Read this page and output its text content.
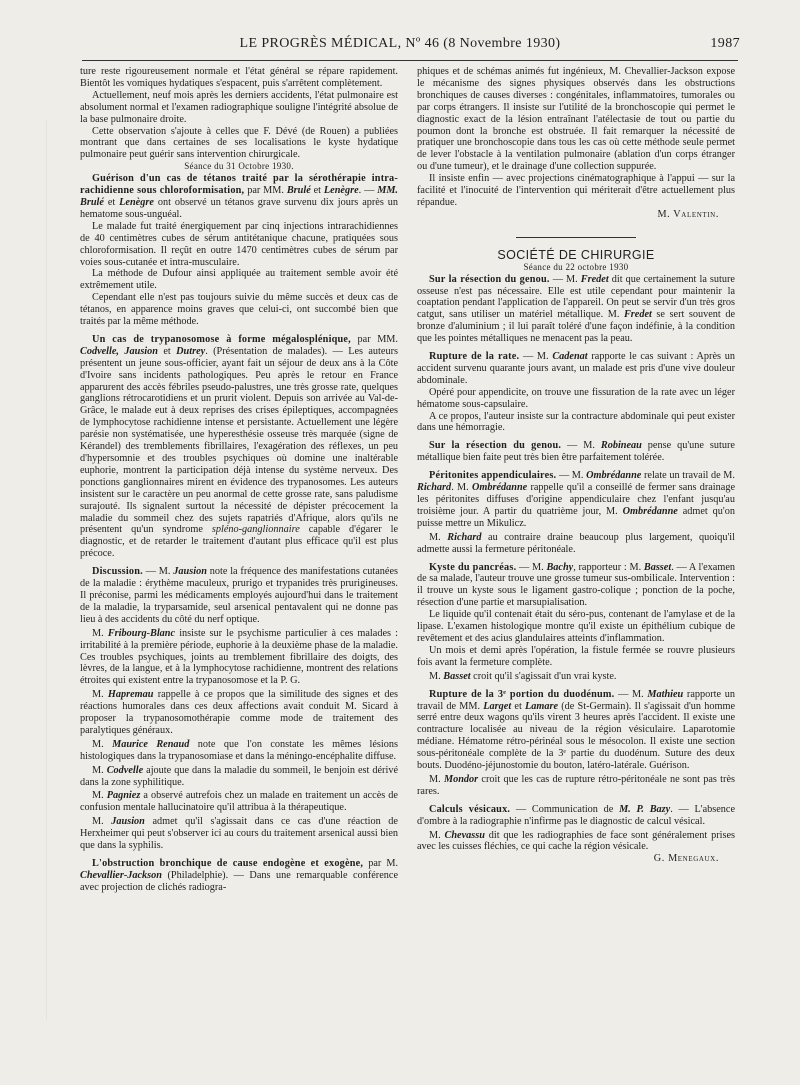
LE PROGRÈS MÉDICAL, Nº 46 (8 Novembre 1930)	1987

ture reste rigoureusement normale et l'état général se répare rapidement. Bientôt les vomiques hydatiques s'espacent, puis s'arrêtent complètement.

Actuellement, neuf mois après les derniers accidents, l'état pulmonaire est absolument normal et l'examen radiographique souligne l'intégrité absolue de la base pulmonaire droite.

Cette observation s'ajoute à celles que F. Dévé (de Rouen) a publiées montrant que dans certaines de ses localisations le kyste hydatique pulmonaire peut guérir sans intervention chirurgicale.

Séance du 31 Octobre 1930.

Guérison d'un cas de tétanos traité par la sérothérapie intra-rachidienne sous chloroformisation, par MM. Brulé et Lenègre. — MM. Brulé et Lenègre ont observé un tétanos grave survenu dix jours après un hematome sous-unguéal.

Le malade fut traité énergiquement par cinq injections intrarachidiennes de 40 centimètres cubes de sérum antitétanique chacune, pratiquées sous chloroformisation. Il reçût en outre 1470 centimètres cubes de sérum par voies sous-cutanée et intra-musculaire.

La méthode de Dufour ainsi appliquée au traitement semble avoir été extrêmement utile.

Cependant elle n'est pas toujours suivie du même succès et deux cas de tétanos, en apparence moins graves que celui-ci, ont succombé bien que traités par la même méthode.

Un cas de trypanosomose à forme mégalosplénique, par MM. Codvelle, Jausion et Dutrey. (Présentation de malades). — Les auteurs présentent un jeune sous-officier, ayant fait un séjour de deux ans à la Côte d'Ivoire sans incidents pathologiques. Peu après le retour en France apparurent des accès fébriles pseudo-palustres, une très grosse rate, quelques ganglions rétrocarotidiens et un prurit violent. Depuis son arrivée au Val-de-Grâce, le malade eut à deux reprises des crises épileptiques, accompagnées de lymphocytose rachidienne intense et persistante. Actuellement une légère parésie non systématisée, une hyperesthésie osseuse très marquée (signe de Kérandel) des tremblements fibrillaires, l'exagération des réflexes, un peu d'hypersomnie et des troubles psychiques où domine une inaltérable euphorie, montrent la participation déjà intense du système nerveux. Des ponctions ganglionnaires mirent en évidence des trypanosomes. Les auteurs insistent sur le caractère un peu anormal de cette grosse rate, sans paludisme surajouté. Ils signalent surtout la nécessité de dépister précocement la maladie du sommeil chez des sujets rapatriés d'Afrique, alors qu'ils ne présentent qu'un syndrome spléno-ganglionnaire capable d'égarer le diagnostic, et de retarder le traitement d'autant plus efficace qu'il est plus précoce.

Discussion. — M. Jausion note la fréquence des manifestations cutanées de la maladie : érythème maculeux, prurigo et trypanides très prurigineuses. Il préconise, parmi les médicaments employés aujourd'hui dans le traitement de la maladie, la tryparsamide, seul arsenical pentavalent qui ne donne pas lieu à des accidents du côté du nerf optique.

M. Fribourg-Blanc insiste sur le psychisme particulier à ces malades : irritabilité à la première période, euphorie à la deuxième phase de la maladie. Ces troubles psychiques, joints au tremblement fibrillaire des doigts, des lèvres, de la langue, et à la lymphocytose rachidienne, montrent des relations étroites qui existent entre la trypanosomose et la P. G.

M. Hapremau rappelle à ce propos que la similitude des signes et des réactions humorales dans ces deux affections avait conduit M. Sicard à proposer la trypanosomothérapie comme mode de traitement des paralytiques généraux.

M. Maurice Renaud note que l'on constate les mêmes lésions histologiques dans la trypanosomiase et dans la méningo-encéphalite diffuse.

M. Codvelle ajoute que dans la maladie du sommeil, le benjoin est dérivé dans la zone syphilitique.

M. Pagniez a observé autrefois chez un malade en traitement un accès de confusion mentale hallucinatoire qu'il attribua à la thérapeutique.

M. Jausion admet qu'il s'agissait dans ce cas d'une réaction de Herxheimer qui peut s'observer ici au cours du traitement arsenical aussi bien que dans la syphilis.

L'obstruction bronchique de cause endogène et exogène, par M. Chevallier-Jackson (Philadelphie). — Dans une remarquable conférence avec projection de clichés radiogra-

phiques et de schémas animés fut ingénieux, M. Chevallier-Jackson expose le mécanisme des signes physiques observés dans les obstructions bronchiques de causes diverses : congénitales, inflammatoires, tumorales ou par corps étrangers. Il insiste sur l'utilité de la bronchoscopie qui permet le diagnostic exact de la lésion entraînant l'atélectasie de tout ou partie du poumon dont la bronche est obstruée. Il fait remarquer la nécessité de pratiquer une bronchoscopie dans tous les cas où cette méthode seule permet de lever l'obstacle à la ventilation pulmonaire (ablation d'un corps étranger ou d'une tumeur), et le drainage d'une collection suppurée.

Il insiste enfin — avec projections cinématographique à l'appui — sur la facilité et l'inocuité de l'intervention qui mériterait d'être actuellement plus répandue.

M. Valentin.

SOCIÉTÉ DE CHIRURGIE

Séance du 22 octobre 1930

Sur la résection du genou. — M. Fredet dit que certainement la suture osseuse n'est pas nécessaire. Elle est utile cependant pour maintenir la coaptation pendant l'application de l'appareil. On peut se servir d'un très gros catgut, sans utiliser un matériel métallique. M. Fredet se sert souvent de bronze d'aluminium ; il lui paraît toléré d'une façon indéfinie, à la condition que les pointes métalliques ne menacent pas la peau.

Rupture de la rate. — M. Cadenat rapporte le cas suivant : Après un accident survenu quarante jours avant, un malade est pris d'une vive douleur abdominale.

Opéré pour appendicite, on trouve une fissuration de la rate avec un léger hématome sous-capsulaire.

A ce propos, l'auteur insiste sur la contracture abdominale qui peut exister dans une hémorragie.

Sur la résection du genou. — M. Robineau pense qu'une suture métallique bien faite peut très bien être parfaitement tolérée.

Péritonites appendiculaires. — M. Ombrédanne relate un travail de M. Richard. M. Ombrédanne rappelle qu'il a conseillé de fermer sans drainage les péritonites diffuses d'origine appendiculaire chez l'enfant jusqu'au troisième jour. A partir du quatrième jour, M. Ombrédanne admet qu'on puisse mettre un Mikulicz.

M. Richard au contraire draine beaucoup plus largement, quoiqu'il admette aussi la fermeture péritonéale.

Kyste du pancréas. — M. Bachy, rapporteur : M. Basset. — A l'examen de sa malade, l'auteur trouve une grosse tumeur sus-ombilicale. Intervention : il trouve un kyste sous le ligament gastro-colique ; ponction de la poche, résection d'une partie et marsupialisation.

Le liquide qu'il contenait était du séro-pus, contenant de l'amylase et de la lipase. L'examen histologique montre qu'il existe un épithélium cubique de revêtement et des acius glandulaires atteints d'inflammation.

Un mois et demi après l'opération, la fistule fermée se rouvre plusieurs fois avant la fermeture complète.

M. Basset croit qu'il s'agissait d'un vrai kyste.

Rupture de la 3ᵉ portion du duodénum. — M. Mathieu rapporte un travail de MM. Larget et Lamare (de St-Germain). Il s'agissait d'un homme serré entre deux wagons qu'ils virent 3 heures après l'accident. Il existe une contracture localisée au niveau de la région vésiculaire. Laparotomie médiane. Hématome rétro-périnéal sous le mésocolon. Il existe une section sous-péritonéale complète de la 3ᵉ partie du duodénum. Suture des deux bouts. Duodéno-jéjunostomie du bouton, latéro-latérale. Guérison.

M. Mondor croit que les cas de rupture rétro-péritonéale ne sont pas très rares.

Calculs vésicaux. — Communication de M. P. Bazy. — L'absence d'ombre à la radiographie n'infirme pas le diagnostic de calcul vésical.

M. Chevassu dit que les radiographies de face sont généralement prises avec les cuisses fléchies, ce qui cache la région vésicale.

G. Menegaux.
